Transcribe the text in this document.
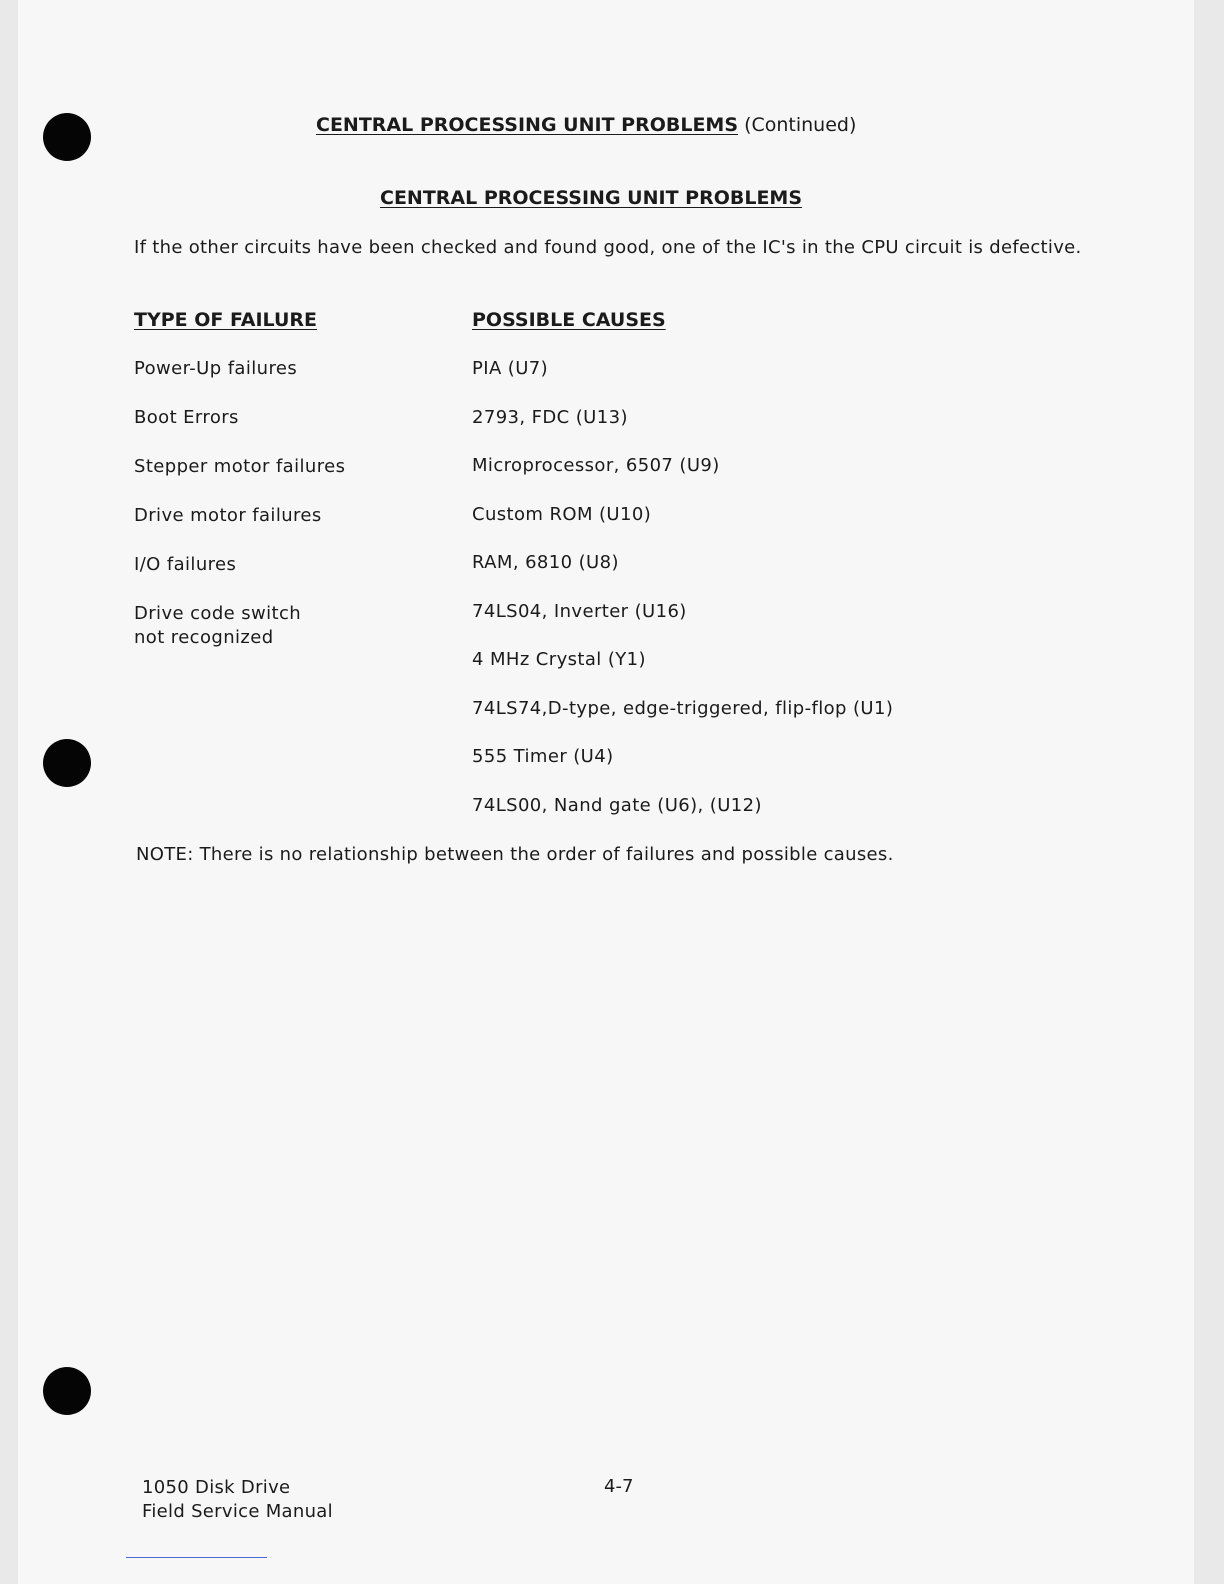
CENTRAL PROCESSING UNIT PROBLEMS (Continued)
CENTRAL PROCESSING UNIT PROBLEMS
If the other circuits have been checked and found good, one of the IC's in the CPU circuit is defective.
TYPE OF FAILURE	POSSIBLE CAUSES
Power-Up failures
Boot Errors
Stepper motor failures
Drive motor failures
I/O failures
Drive code switch
not recognized
PIA (U7)
2793, FDC (U13)
Microprocessor, 6507 (U9)
Custom ROM (U10)
RAM, 6810 (U8)
74LS04, Inverter (U16)
4 MHz Crystal (Y1)
74LS74,D-type, edge-triggered, flip-flop (U1)
555 Timer (U4)
74LS00, Nand gate (U6), (U12)
NOTE: There is no relationship between the order of failures and possible causes.
1050 Disk Drive
Field Service Manual
4-7
